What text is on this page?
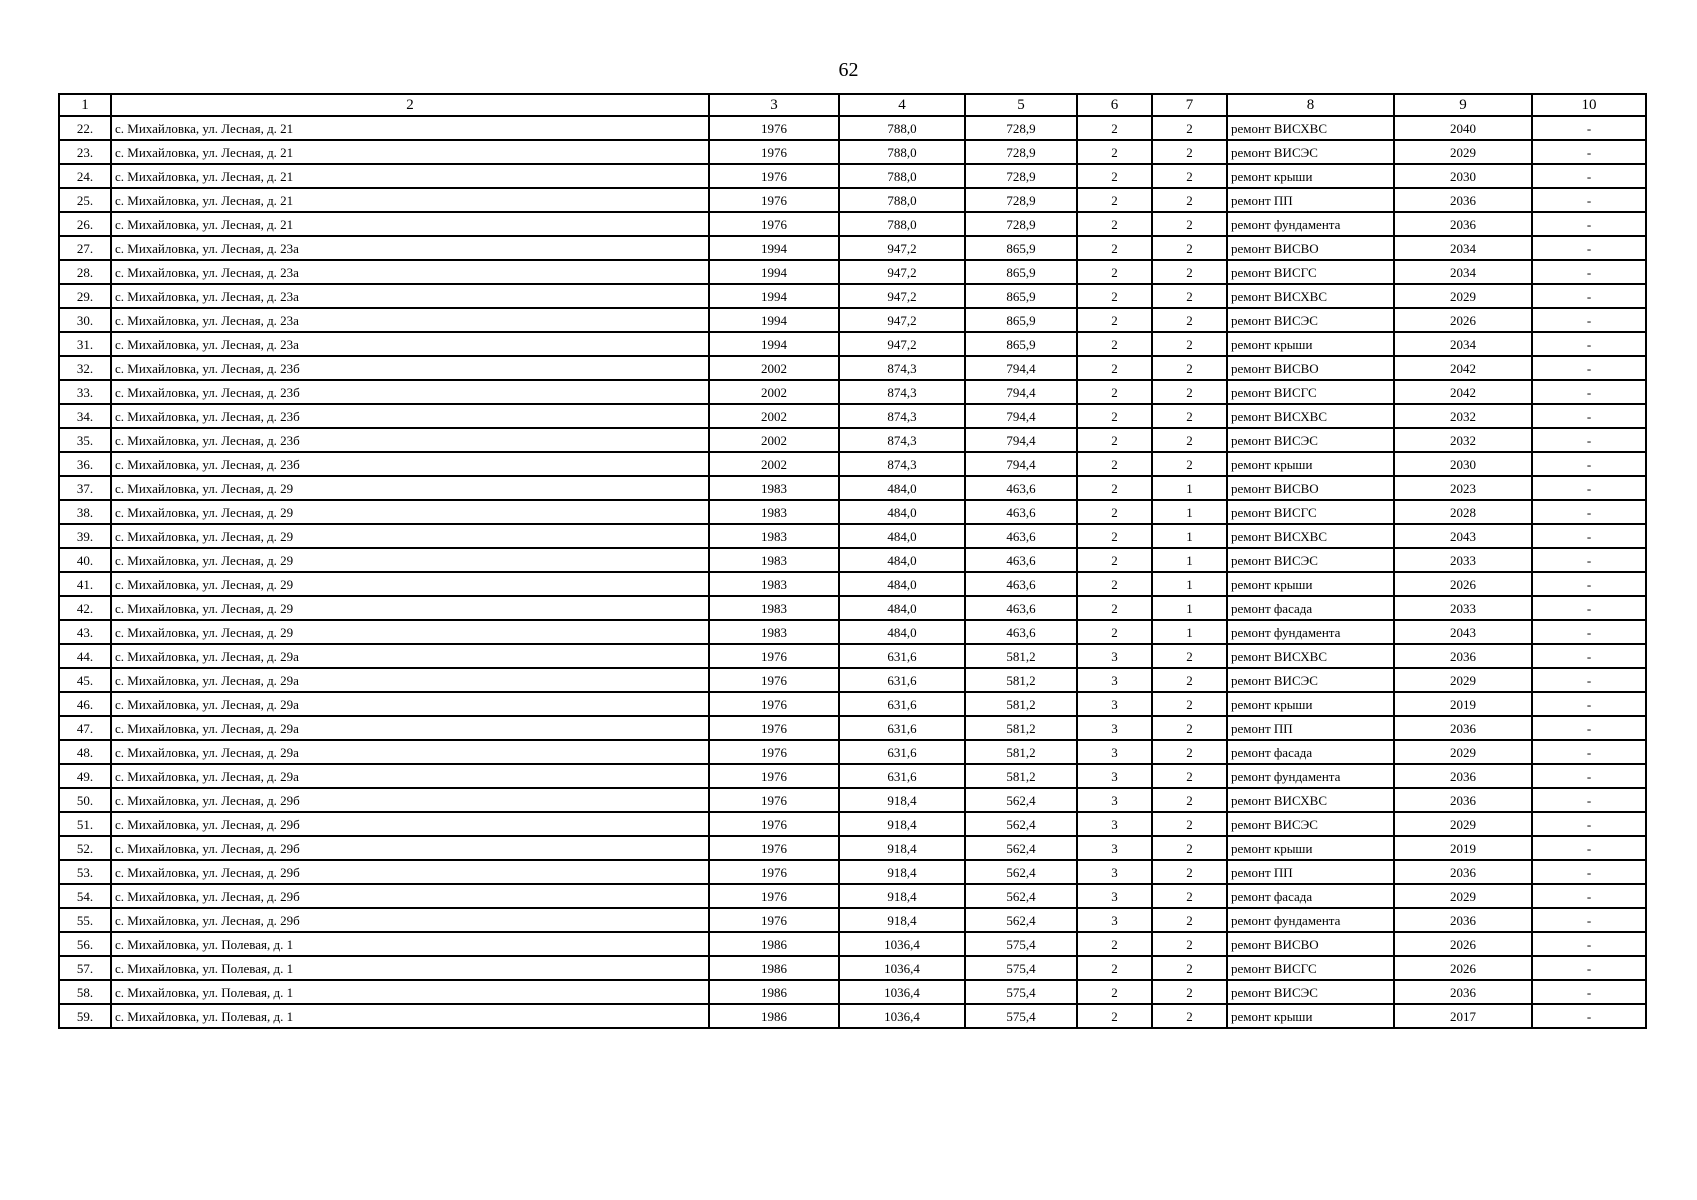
62
1	2	3	4	5	6	7	8	9	10
22.	с. Михайловка, ул. Лесная, д. 21	1976	788,0	728,9	2	2	ремонт ВИСХВС	2040	-
23.	с. Михайловка, ул. Лесная, д. 21	1976	788,0	728,9	2	2	ремонт ВИСЭС	2029	-
24.	с. Михайловка, ул. Лесная, д. 21	1976	788,0	728,9	2	2	ремонт крыши	2030	-
25.	с. Михайловка, ул. Лесная, д. 21	1976	788,0	728,9	2	2	ремонт ПП	2036	-
26.	с. Михайловка, ул. Лесная, д. 21	1976	788,0	728,9	2	2	ремонт фундамента	2036	-
27.	с. Михайловка, ул. Лесная, д. 23а	1994	947,2	865,9	2	2	ремонт ВИСВО	2034	-
28.	с. Михайловка, ул. Лесная, д. 23а	1994	947,2	865,9	2	2	ремонт ВИСГС	2034	-
29.	с. Михайловка, ул. Лесная, д. 23а	1994	947,2	865,9	2	2	ремонт ВИСХВС	2029	-
30.	с. Михайловка, ул. Лесная, д. 23а	1994	947,2	865,9	2	2	ремонт ВИСЭС	2026	-
31.	с. Михайловка, ул. Лесная, д. 23а	1994	947,2	865,9	2	2	ремонт крыши	2034	-
32.	с. Михайловка, ул. Лесная, д. 23б	2002	874,3	794,4	2	2	ремонт ВИСВО	2042	-
33.	с. Михайловка, ул. Лесная, д. 23б	2002	874,3	794,4	2	2	ремонт ВИСГС	2042	-
34.	с. Михайловка, ул. Лесная, д. 23б	2002	874,3	794,4	2	2	ремонт ВИСХВС	2032	-
35.	с. Михайловка, ул. Лесная, д. 23б	2002	874,3	794,4	2	2	ремонт ВИСЭС	2032	-
36.	с. Михайловка, ул. Лесная, д. 23б	2002	874,3	794,4	2	2	ремонт крыши	2030	-
37.	с. Михайловка, ул. Лесная, д. 29	1983	484,0	463,6	2	1	ремонт ВИСВО	2023	-
38.	с. Михайловка, ул. Лесная, д. 29	1983	484,0	463,6	2	1	ремонт ВИСГС	2028	-
39.	с. Михайловка, ул. Лесная, д. 29	1983	484,0	463,6	2	1	ремонт ВИСХВС	2043	-
40.	с. Михайловка, ул. Лесная, д. 29	1983	484,0	463,6	2	1	ремонт ВИСЭС	2033	-
41.	с. Михайловка, ул. Лесная, д. 29	1983	484,0	463,6	2	1	ремонт крыши	2026	-
42.	с. Михайловка, ул. Лесная, д. 29	1983	484,0	463,6	2	1	ремонт фасада	2033	-
43.	с. Михайловка, ул. Лесная, д. 29	1983	484,0	463,6	2	1	ремонт фундамента	2043	-
44.	с. Михайловка, ул. Лесная, д. 29а	1976	631,6	581,2	3	2	ремонт ВИСХВС	2036	-
45.	с. Михайловка, ул. Лесная, д. 29а	1976	631,6	581,2	3	2	ремонт ВИСЭС	2029	-
46.	с. Михайловка, ул. Лесная, д. 29а	1976	631,6	581,2	3	2	ремонт крыши	2019	-
47.	с. Михайловка, ул. Лесная, д. 29а	1976	631,6	581,2	3	2	ремонт ПП	2036	-
48.	с. Михайловка, ул. Лесная, д. 29а	1976	631,6	581,2	3	2	ремонт фасада	2029	-
49.	с. Михайловка, ул. Лесная, д. 29а	1976	631,6	581,2	3	2	ремонт фундамента	2036	-
50.	с. Михайловка, ул. Лесная, д. 29б	1976	918,4	562,4	3	2	ремонт ВИСХВС	2036	-
51.	с. Михайловка, ул. Лесная, д. 29б	1976	918,4	562,4	3	2	ремонт ВИСЭС	2029	-
52.	с. Михайловка, ул. Лесная, д. 29б	1976	918,4	562,4	3	2	ремонт крыши	2019	-
53.	с. Михайловка, ул. Лесная, д. 29б	1976	918,4	562,4	3	2	ремонт ПП	2036	-
54.	с. Михайловка, ул. Лесная, д. 29б	1976	918,4	562,4	3	2	ремонт фасада	2029	-
55.	с. Михайловка, ул. Лесная, д. 29б	1976	918,4	562,4	3	2	ремонт фундамента	2036	-
56.	с. Михайловка, ул. Полевая, д. 1	1986	1036,4	575,4	2	2	ремонт ВИСВО	2026	-
57.	с. Михайловка, ул. Полевая, д. 1	1986	1036,4	575,4	2	2	ремонт ВИСГС	2026	-
58.	с. Михайловка, ул. Полевая, д. 1	1986	1036,4	575,4	2	2	ремонт ВИСЭС	2036	-
59.	с. Михайловка, ул. Полевая, д. 1	1986	1036,4	575,4	2	2	ремонт крыши	2017	-
